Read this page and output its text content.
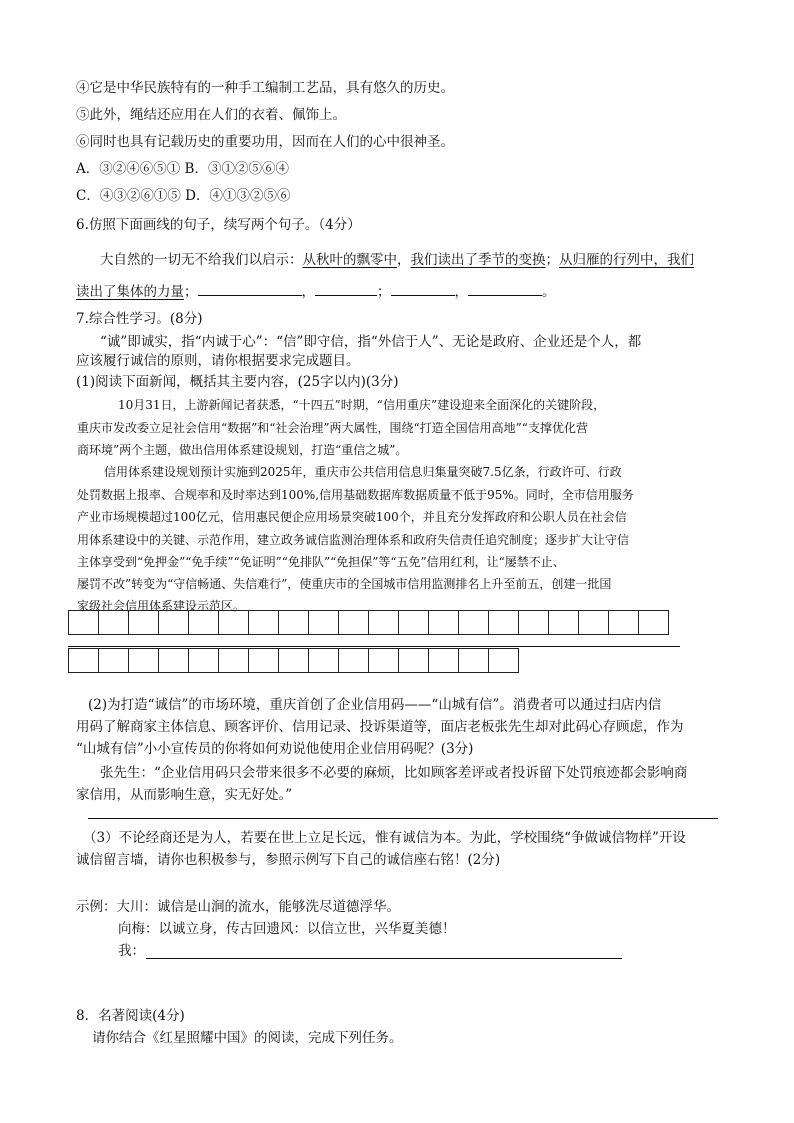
④它是中华民族特有的一种手工编制工艺品，具有悠久的历史。
⑤此外，绳结还应用在人们的衣着、佩饰上。
⑥同时也具有记载历史的重要功用，因而在人们的心中很神圣。
A．③②④⑥⑤① B．③①②⑤⑥④
C．④③②⑥①⑤ D．④①③②⑤⑥
6.仿照下面画线的句子，续写两个句子。（4分）
大自然的一切无不给我们以启示：从秋叶的飘零中，我们读出了季节的变换；从归雁的行列中，我们
读出了集体的力量；	，	；	，	。
7.综合性学习。(8分)
“诚”即诚实，指“内诚于心”：“信”即守信，指“外信于人”、无论是政府、企业还是个人，都
应该履行诚信的原则，请你根据要求完成题目。
(1)阅读下面新闻，概括其主要内容，(25字以内)(3分)
10月31日，上游新闻记者获悉，“十四五”时期，“信用重庆”建设迎来全面深化的关键阶段，
重庆市发改委立足社会信用“数据”和“社会治理”两大属性，围绕“打造全国信用高地”“支撑优化营
商环境”两个主题，做出信用体系建设规划，打造“重信之城”。
信用体系建设规划预计实施到2025年，重庆市公共信用信息归集量突破7.5亿条，行政许可、行政
处罚数据上报率、合规率和及时率达到100%,信用基础数据库数据质量不低于95%。同时，全市信用服务
产业市场规模超过100亿元，信用惠民便企应用场景突破100个，并且充分发挥政府和公职人员在社会信
用体系建设中的关键、示范作用，建立政务诚信监测治理体系和政府失信责任追究制度；逐步扩大让守信
主体享受到“免押金”“免手续”“免证明”“免排队”“免担保”等“五免”信用红利，让“屡禁不止、
屡罚不改”转变为“守信畅通、失信难行”，使重庆市的全国城市信用监测排名上升至前五，创建一批国
家级社会信用体系建设示范区。

(2)为打造“诚信”的市场环境，重庆首创了企业信用码——“山城有信”。消费者可以通过扫店内信
用码了解商家主体信息、顾客评价、信用记录、投诉渠道等，面店老板张先生却对此码心存顾虑，作为
“山城有信”小小宣传员的你将如何劝说他使用企业信用码呢？(3分)
张先生：“企业信用码只会带来很多不必要的麻烦，比如顾客差评或者投诉留下处罚痕迹都会影响商
家信用，从而影响生意，实无好处。”
（3）不论经商还是为人，若要在世上立足长远，惟有诚信为本。为此，学校围绕“争做诚信物样”开设
诚信留言墙，请你也积极参与，参照示例写下自己的诚信座右铭！(2分)
示例：大川：诚信是山涧的流水，能够洗尽道德浮华。
向梅：以诚立身，传古回遗风：以信立世，兴华夏美德！
我：
8．名著阅读(4分)
请你结合《红星照耀中国》的阅读，完成下列任务。
